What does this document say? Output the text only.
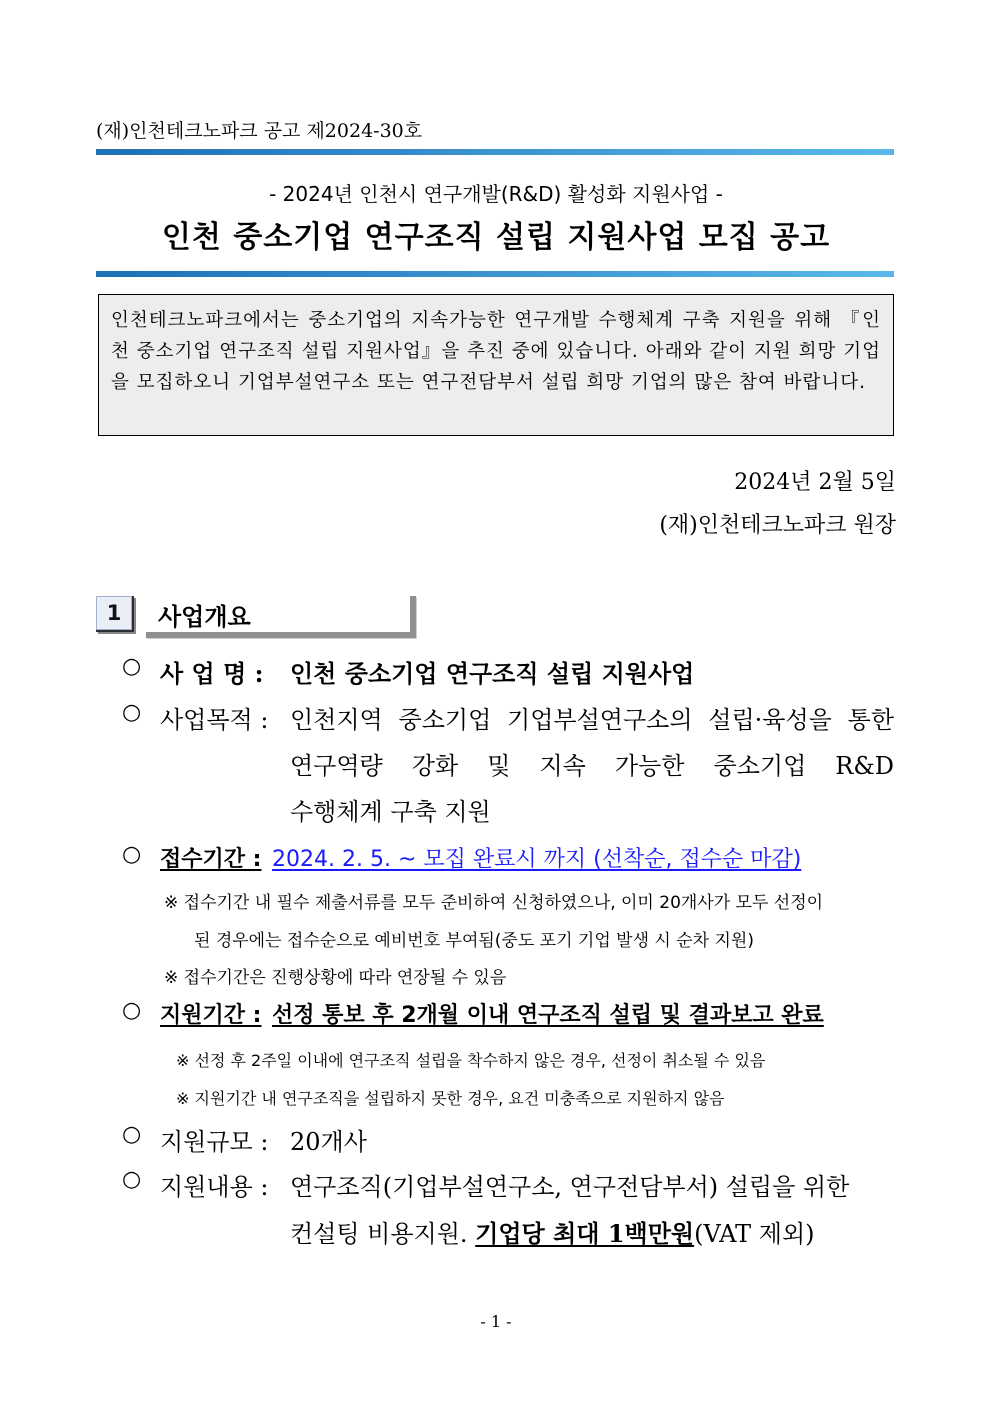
(재)인천테크노파크 공고 제2024-30호
- 2024년 인천시 연구개발(R&D) 활성화 지원사업 -
인천 중소기업 연구조직 설립 지원사업 모집 공고
인천테크노파크에서는 중소기업의 지속가능한 연구개발 수행체계 구축 지원을 위해 『인천 중소기업 연구조직 설립 지원사업』을 추진 중에 있습니다. 아래와 같이 지원 희망 기업을 모집하오니 기업부설연구소 또는 연구전담부서 설립 희망 기업의 많은 참여 바랍니다.
2024년 2월 5일
(재)인천테크노파크 원장
1	사업개요
○ 사 업 명 : 인천 중소기업 연구조직 설립 지원사업
○ 사업목적 : 인천지역 중소기업 기업부설연구소의 설립·육성을 통한
연구역량 강화 및 지속 가능한 중소기업 R&D
수행체계 구축 지원
○ 접수기간 : 2024. 2. 5. ~ 모집 완료시 까지 (선착순, 접수순 마감)
※ 접수기간 내 필수 제출서류를 모두 준비하여 신청하였으나, 이미 20개사가 모두 선정이
된 경우에는 접수순으로 예비번호 부여됨(중도 포기 기업 발생 시 순차 지원)
※ 접수기간은 진행상황에 따라 연장될 수 있음
○ 지원기간 : 선정 통보 후 2개월 이내 연구조직 설립 및 결과보고 완료
※ 선정 후 2주일 이내에 연구조직 설립을 착수하지 않은 경우, 선정이 취소될 수 있음
※ 지원기간 내 연구조직을 설립하지 못한 경우, 요건 미충족으로 지원하지 않음
○ 지원규모 : 20개사
○ 지원내용 : 연구조직(기업부설연구소, 연구전담부서) 설립을 위한
컨설팅 비용지원. 기업당 최대 1백만원(VAT 제외)
- 1 -
